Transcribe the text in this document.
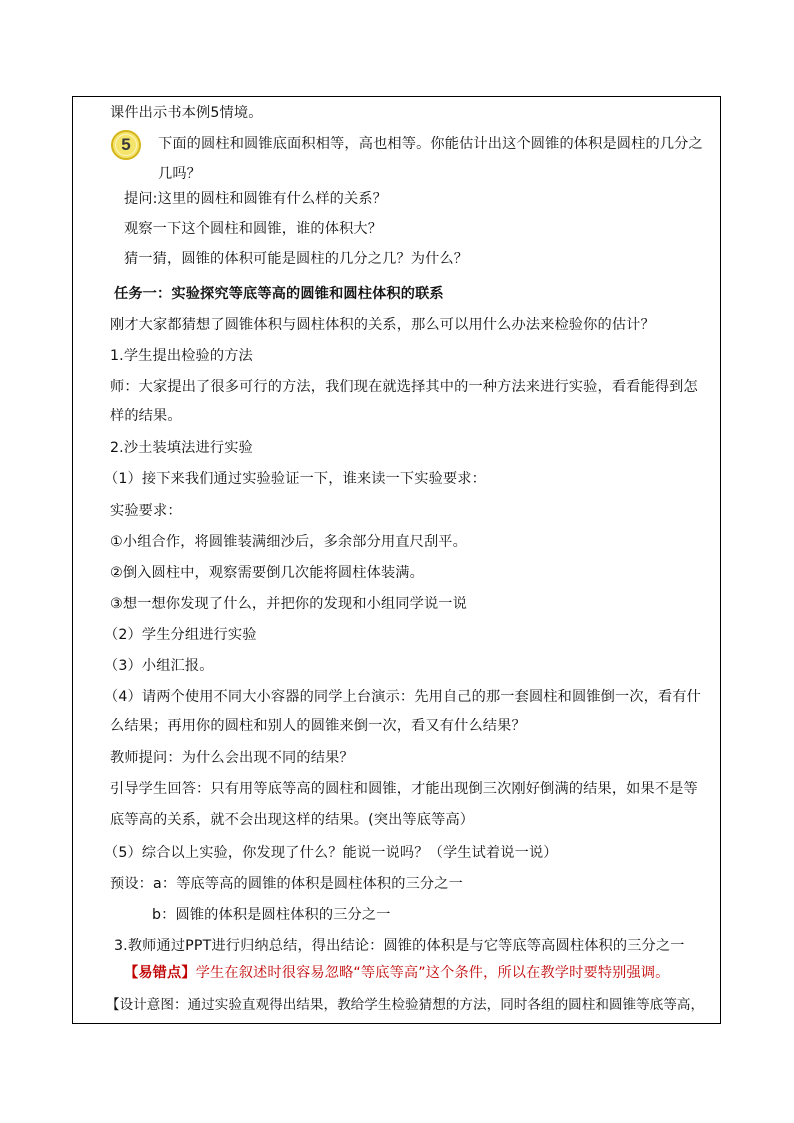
课件出示书本例5情境。
5	下面的圆柱和圆锥底面积相等，高也相等。你能估计出这个圆锥的体积是圆柱的几分之
几吗？
提问:这里的圆柱和圆锥有什么样的关系？
观察一下这个圆柱和圆锥，谁的体积大？
猜一猜，圆锥的体积可能是圆柱的几分之几？为什么？
任务一：实验探究等底等高的圆锥和圆柱体积的联系
刚才大家都猜想了圆锥体积与圆柱体积的关系，那么可以用什么办法来检验你的估计？
1.学生提出检验的方法
师：大家提出了很多可行的方法，我们现在就选择其中的一种方法来进行实验，看看能得到怎
样的结果。
2.沙土装填法进行实验
（1）接下来我们通过实验验证一下，谁来读一下实验要求：
实验要求：
①小组合作，将圆锥装满细沙后，多余部分用直尺刮平。
②倒入圆柱中，观察需要倒几次能将圆柱体装满。
③想一想你发现了什么，并把你的发现和小组同学说一说
（2）学生分组进行实验
（3）小组汇报。
（4）请两个使用不同大小容器的同学上台演示：先用自己的那一套圆柱和圆锥倒一次，看有什
么结果；再用你的圆柱和别人的圆锥来倒一次，看又有什么结果？
教师提问：为什么会出现不同的结果？
引导学生回答：只有用等底等高的圆柱和圆锥，才能出现倒三次刚好倒满的结果，如果不是等
底等高的关系，就不会出现这样的结果。(突出等底等高）
（5）综合以上实验，你发现了什么？能说一说吗？（学生试着说一说）
预设：a：等底等高的圆锥的体积是圆柱体积的三分之一
b：圆锥的体积是圆柱体积的三分之一
3.教师通过PPT进行归纳总结，得出结论：圆锥的体积是与它等底等高圆柱体积的三分之一
【易错点】学生在叙述时很容易忽略“等底等高”这个条件，所以在教学时要特别强调。
【设计意图：通过实验直观得出结果，教给学生检验猜想的方法，同时各组的圆柱和圆锥等底等高，
